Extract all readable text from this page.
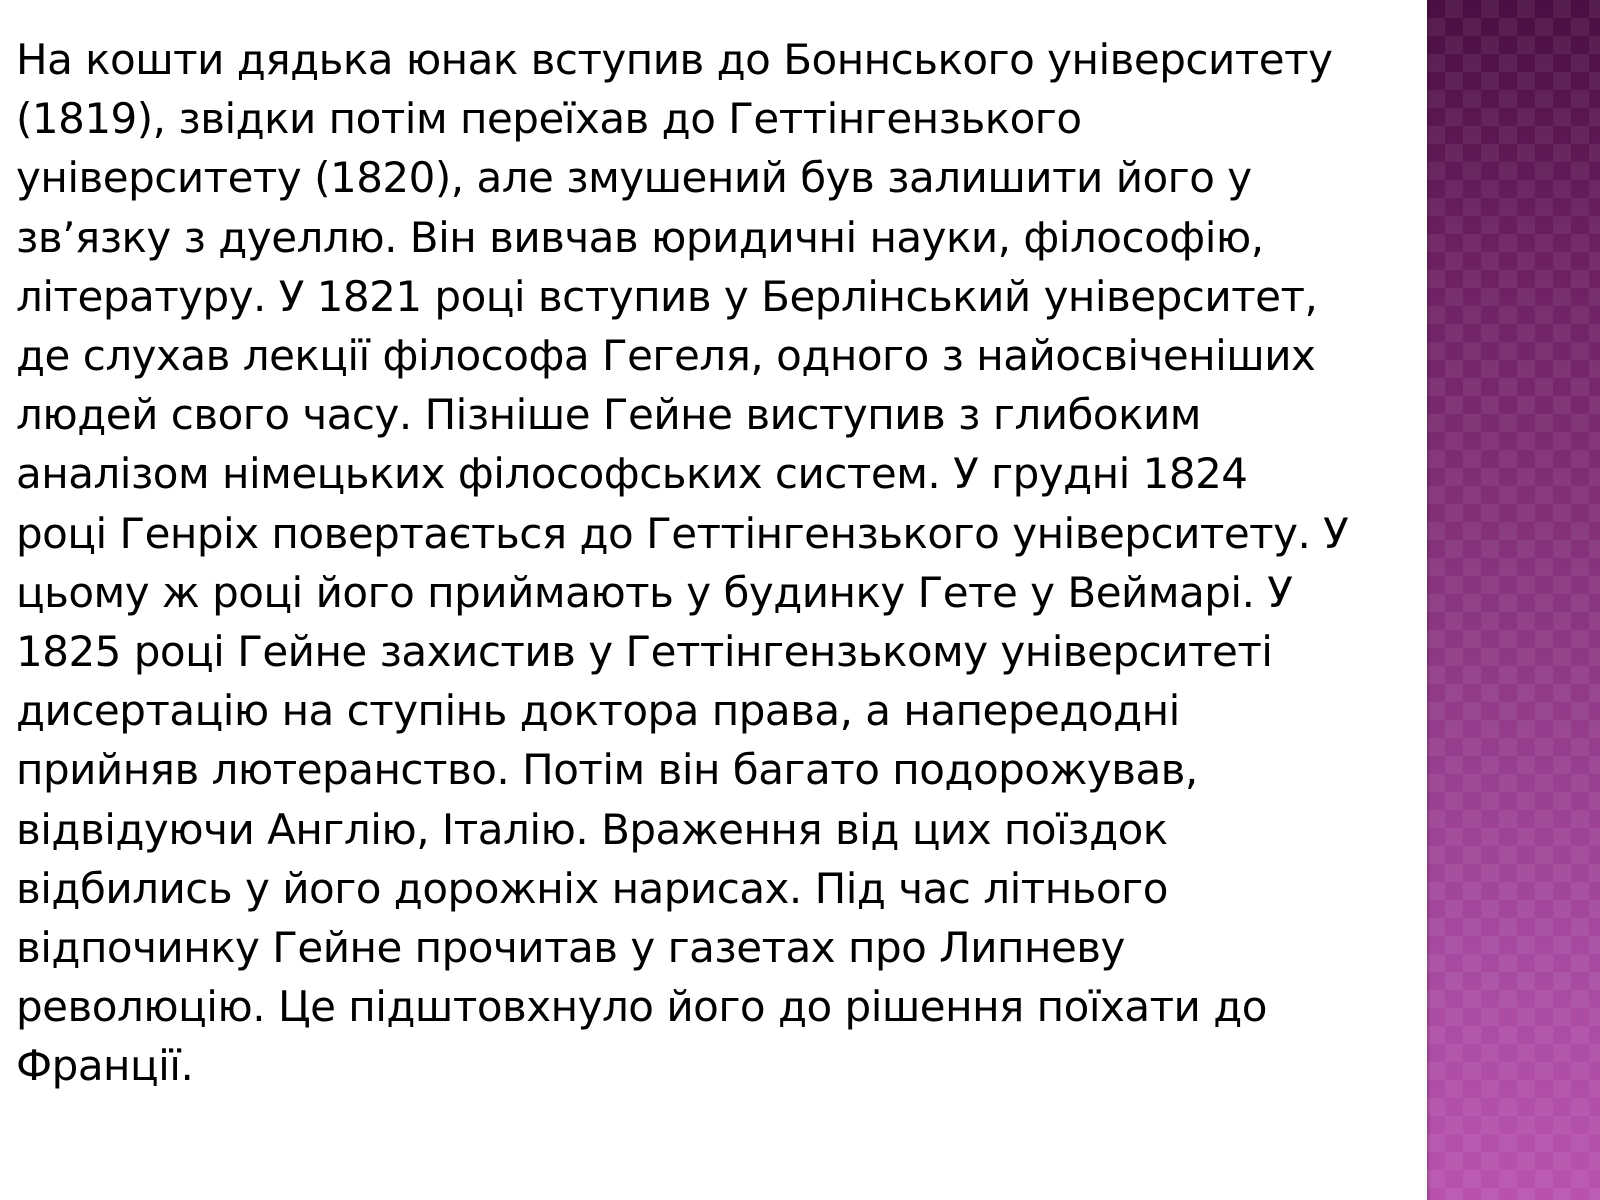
На кошти дядька юнак вступив до Боннського університету
(1819), звідки потім переїхав до Геттінгензького
університету (1820), але змушений був залишити його у
зв’язку з дуеллю. Він вивчав юридичні науки, філософію,
літературу. У 1821 році вступив у Берлінський університет,
де слухав лекції філософа Гегеля, одного з найосвіченіших
людей свого часу. Пізніше Гейне виступив з глибоким
аналізом німецьких філософських систем. У грудні 1824
році Генріх повертається до Геттінгензького університету. У
цьому ж році його приймають у будинку Гете у Веймарі. У
1825 році Гейне захистив у Геттінгензькому університеті
дисертацію на ступінь доктора права, а напередодні
прийняв лютеранство. Потім він багато подорожував,
відвідуючи Англію, Італію. Враження від цих поїздок
відбились у його дорожніх нарисах. Під час літнього
відпочинку Гейне прочитав у газетах про Липневу
революцію. Це підштовхнуло його до рішення поїхати до
Франції.
